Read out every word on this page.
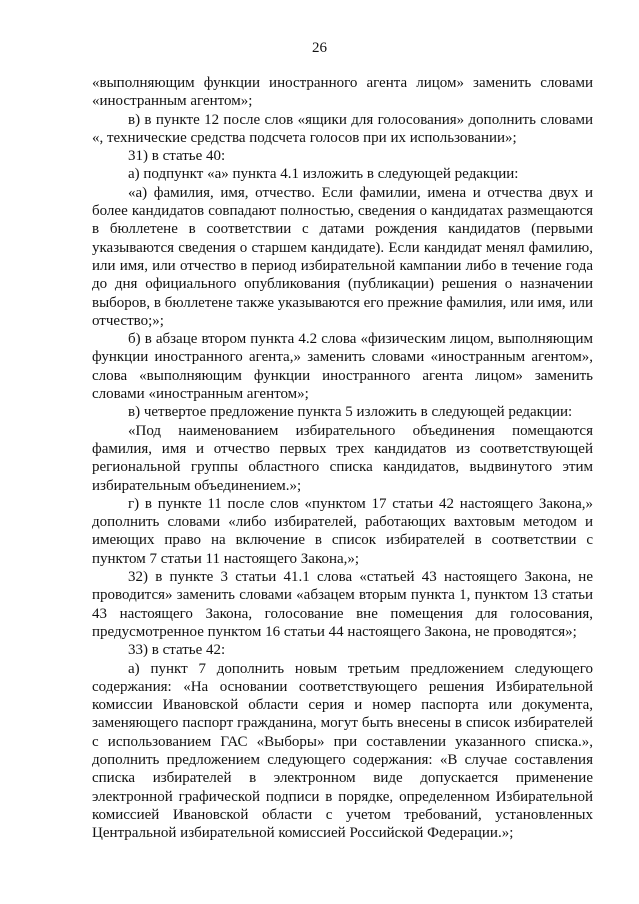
26

«выполняющим функции иностранного агента лицом» заменить словами «иностранным агентом»;

в) в пункте 12 после слов «ящики для голосования» дополнить словами «, технические средства подсчета голосов при их использовании»;

31) в статье 40:

а) подпункт «а» пункта 4.1 изложить в следующей редакции:

«а) фамилия, имя, отчество. Если фамилии, имена и отчества двух и более кандидатов совпадают полностью, сведения о кандидатах размещаются в бюллетене в соответствии с датами рождения кандидатов (первыми указываются сведения о старшем кандидате). Если кандидат менял фамилию, или имя, или отчество в период избирательной кампании либо в течение года до дня официального опубликования (публикации) решения о назначении выборов, в бюллетене также указываются его прежние фамилия, или имя, или отчество;»;

б) в абзаце втором пункта 4.2 слова «физическим лицом, выполняющим функции иностранного агента,» заменить словами «иностранным агентом», слова «выполняющим функции иностранного агента лицом» заменить словами «иностранным агентом»;

в) четвертое предложение пункта 5 изложить в следующей редакции:

«Под наименованием избирательного объединения помещаются фамилия, имя и отчество первых трех кандидатов из соответствующей региональной группы областного списка кандидатов, выдвинутого этим избирательным объединением.»;

г) в пункте 11 после слов «пунктом 17 статьи 42 настоящего Закона,» дополнить словами «либо избирателей, работающих вахтовым методом и имеющих право на включение в список избирателей в соответствии с пунктом 7 статьи 11 настоящего Закона,»;

32) в пункте 3 статьи 41.1 слова «статьей 43 настоящего Закона, не проводится» заменить словами «абзацем вторым пункта 1, пунктом 13 статьи 43 настоящего Закона, голосование вне помещения для голосования, предусмотренное пунктом 16 статьи 44 настоящего Закона, не проводятся»;

33) в статье 42:

а) пункт 7 дополнить новым третьим предложением следующего содержания: «На основании соответствующего решения Избирательной комиссии Ивановской области серия и номер паспорта или документа, заменяющего паспорт гражданина, могут быть внесены в список избирателей с использованием ГАС «Выборы» при составлении указанного списка.», дополнить предложением следующего содержания: «В случае составления списка избирателей в электронном виде допускается применение электронной графической подписи в порядке, определенном Избирательной комиссией Ивановской области с учетом требований, установленных Центральной избирательной комиссией Российской Федерации.»;
